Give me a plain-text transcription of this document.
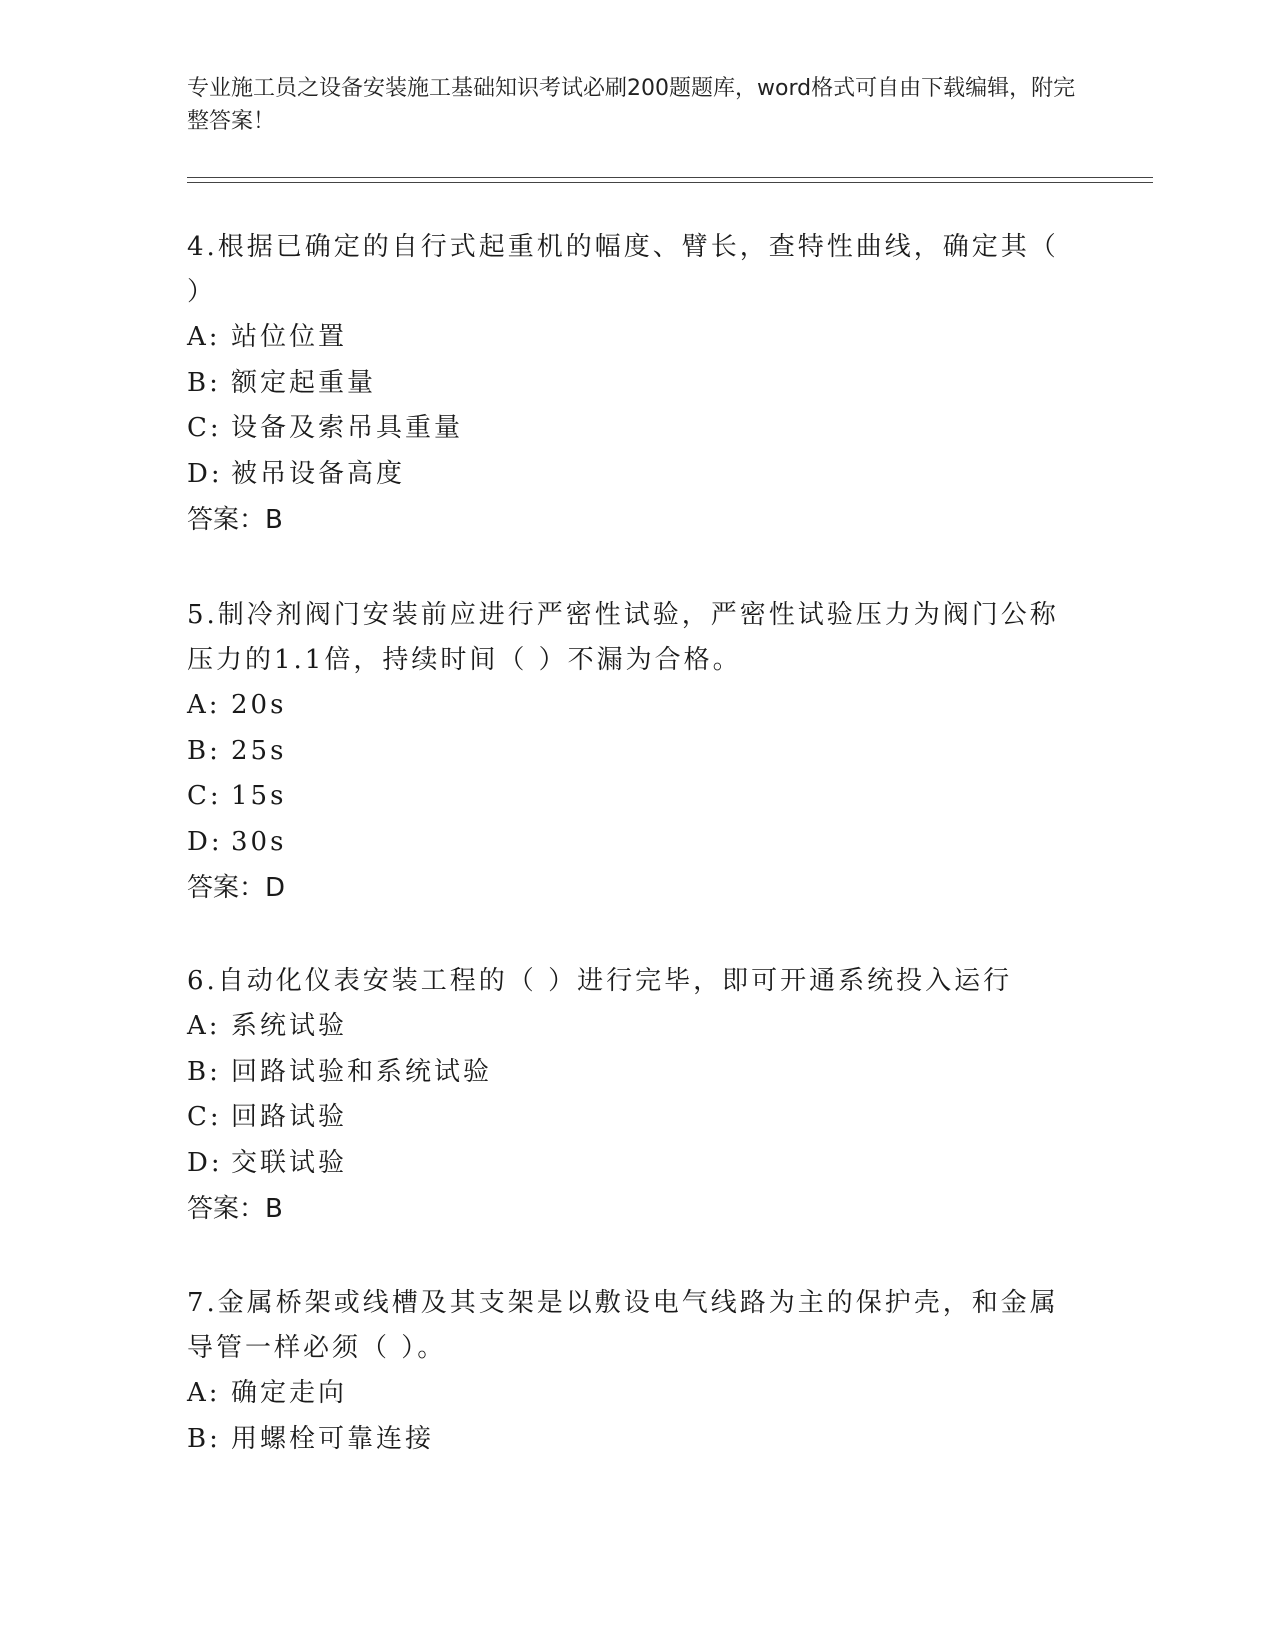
专业施工员之设备安装施工基础知识考试必刷200题题库，word格式可自由下载编辑，附完整答案！

4.根据已确定的自行式起重机的幅度、臂长，查特性曲线，确定其（ ）

A: 站位位置

B: 额定起重量

C: 设备及索吊具重量

D: 被吊设备高度

答案：B

5.制冷剂阀门安装前应进行严密性试验，严密性试验压力为阀门公称压力的1.1倍，持续时间（ ）不漏为合格。

A: 20s

B: 25s

C: 15s

D: 30s

答案：D

6.自动化仪表安装工程的（ ）进行完毕，即可开通系统投入运行

A: 系统试验

B: 回路试验和系统试验

C: 回路试验

D: 交联试验

答案：B

7.金属桥架或线槽及其支架是以敷设电气线路为主的保护壳，和金属导管一样必须（ ）。

A: 确定走向

B: 用螺栓可靠连接
